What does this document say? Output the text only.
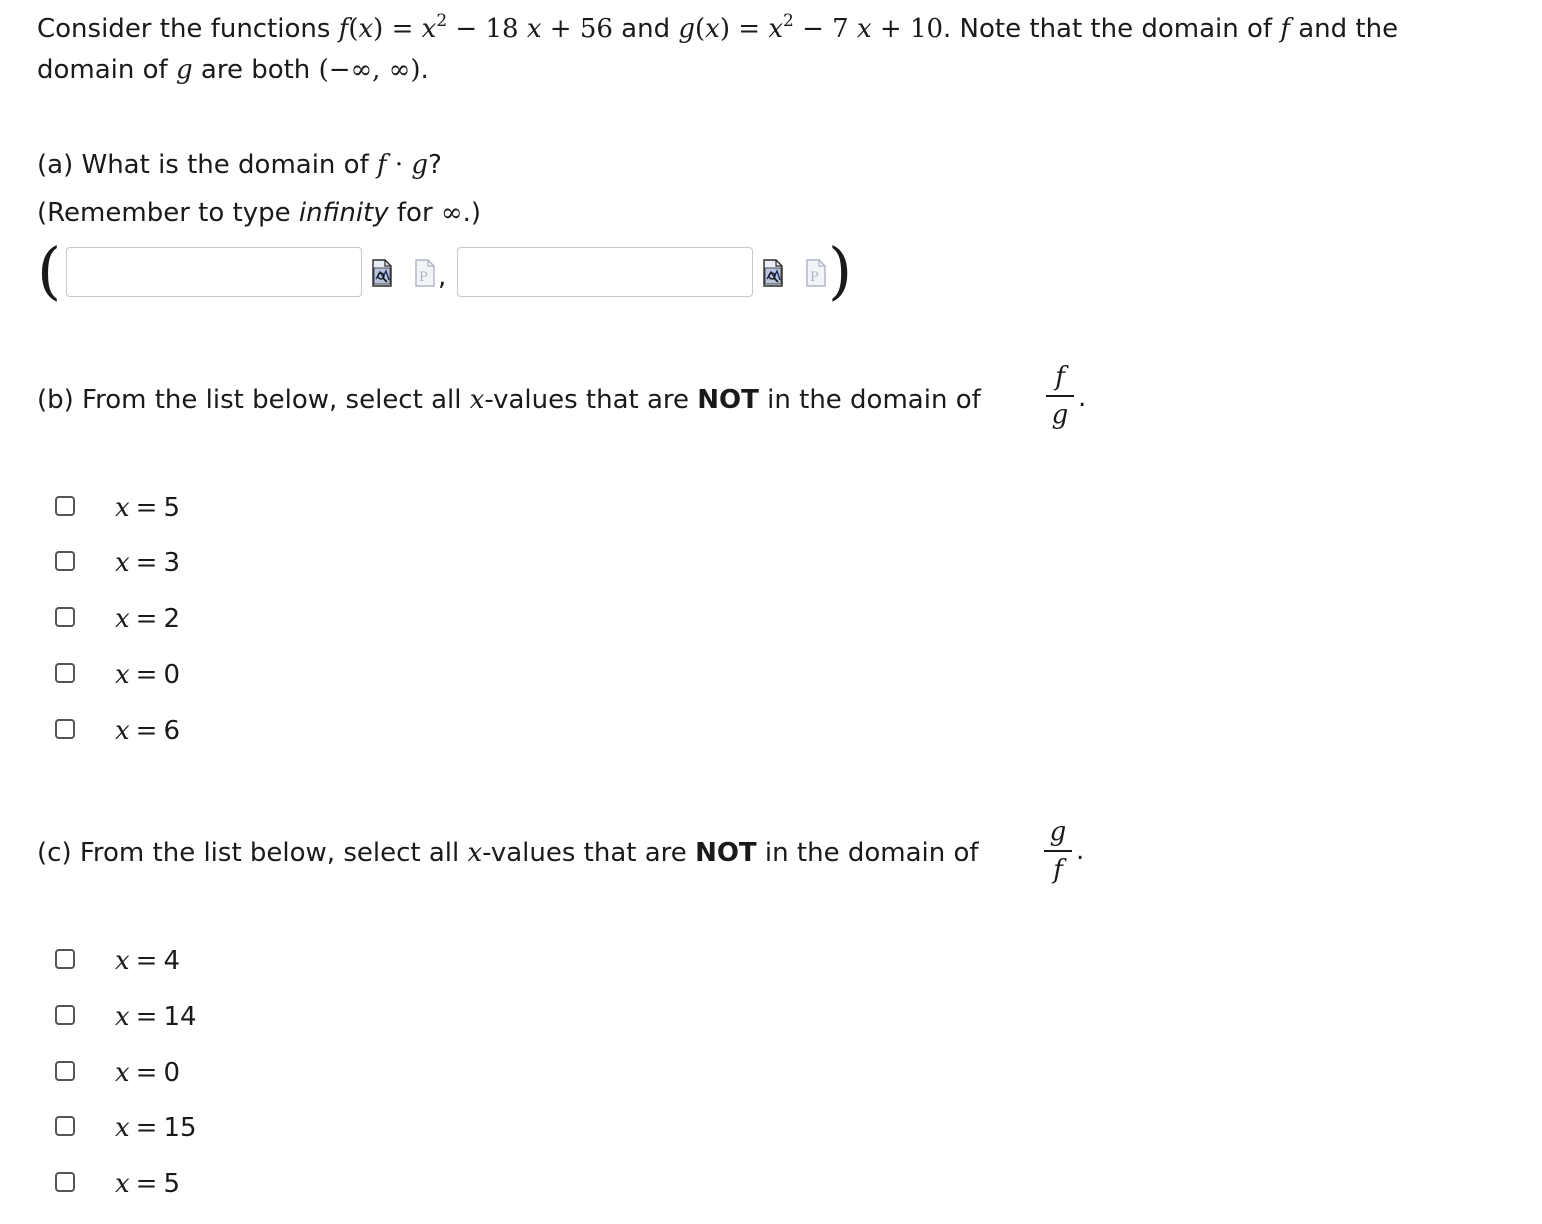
Consider the functions $f(x) = x^2 - 18$ x + 56 and $g(x) = x^2 - 7$ x + 10. Note that the domain of f and the
domain of g are both (−∞, ∞).
(a) What is the domain of f · g?
(Remember to type infinity for ∞.)
(	P ,	P )
(b) From the list below, select all x-values that are NOT in the domain of
f
g
.
x = 5
x = 3
x = 2
x = 0
x = 6
(c) From the list below, select all x-values that are NOT in the domain of
g
f
.
x = 4
x = 14
x = 0
x = 15
x = 5
